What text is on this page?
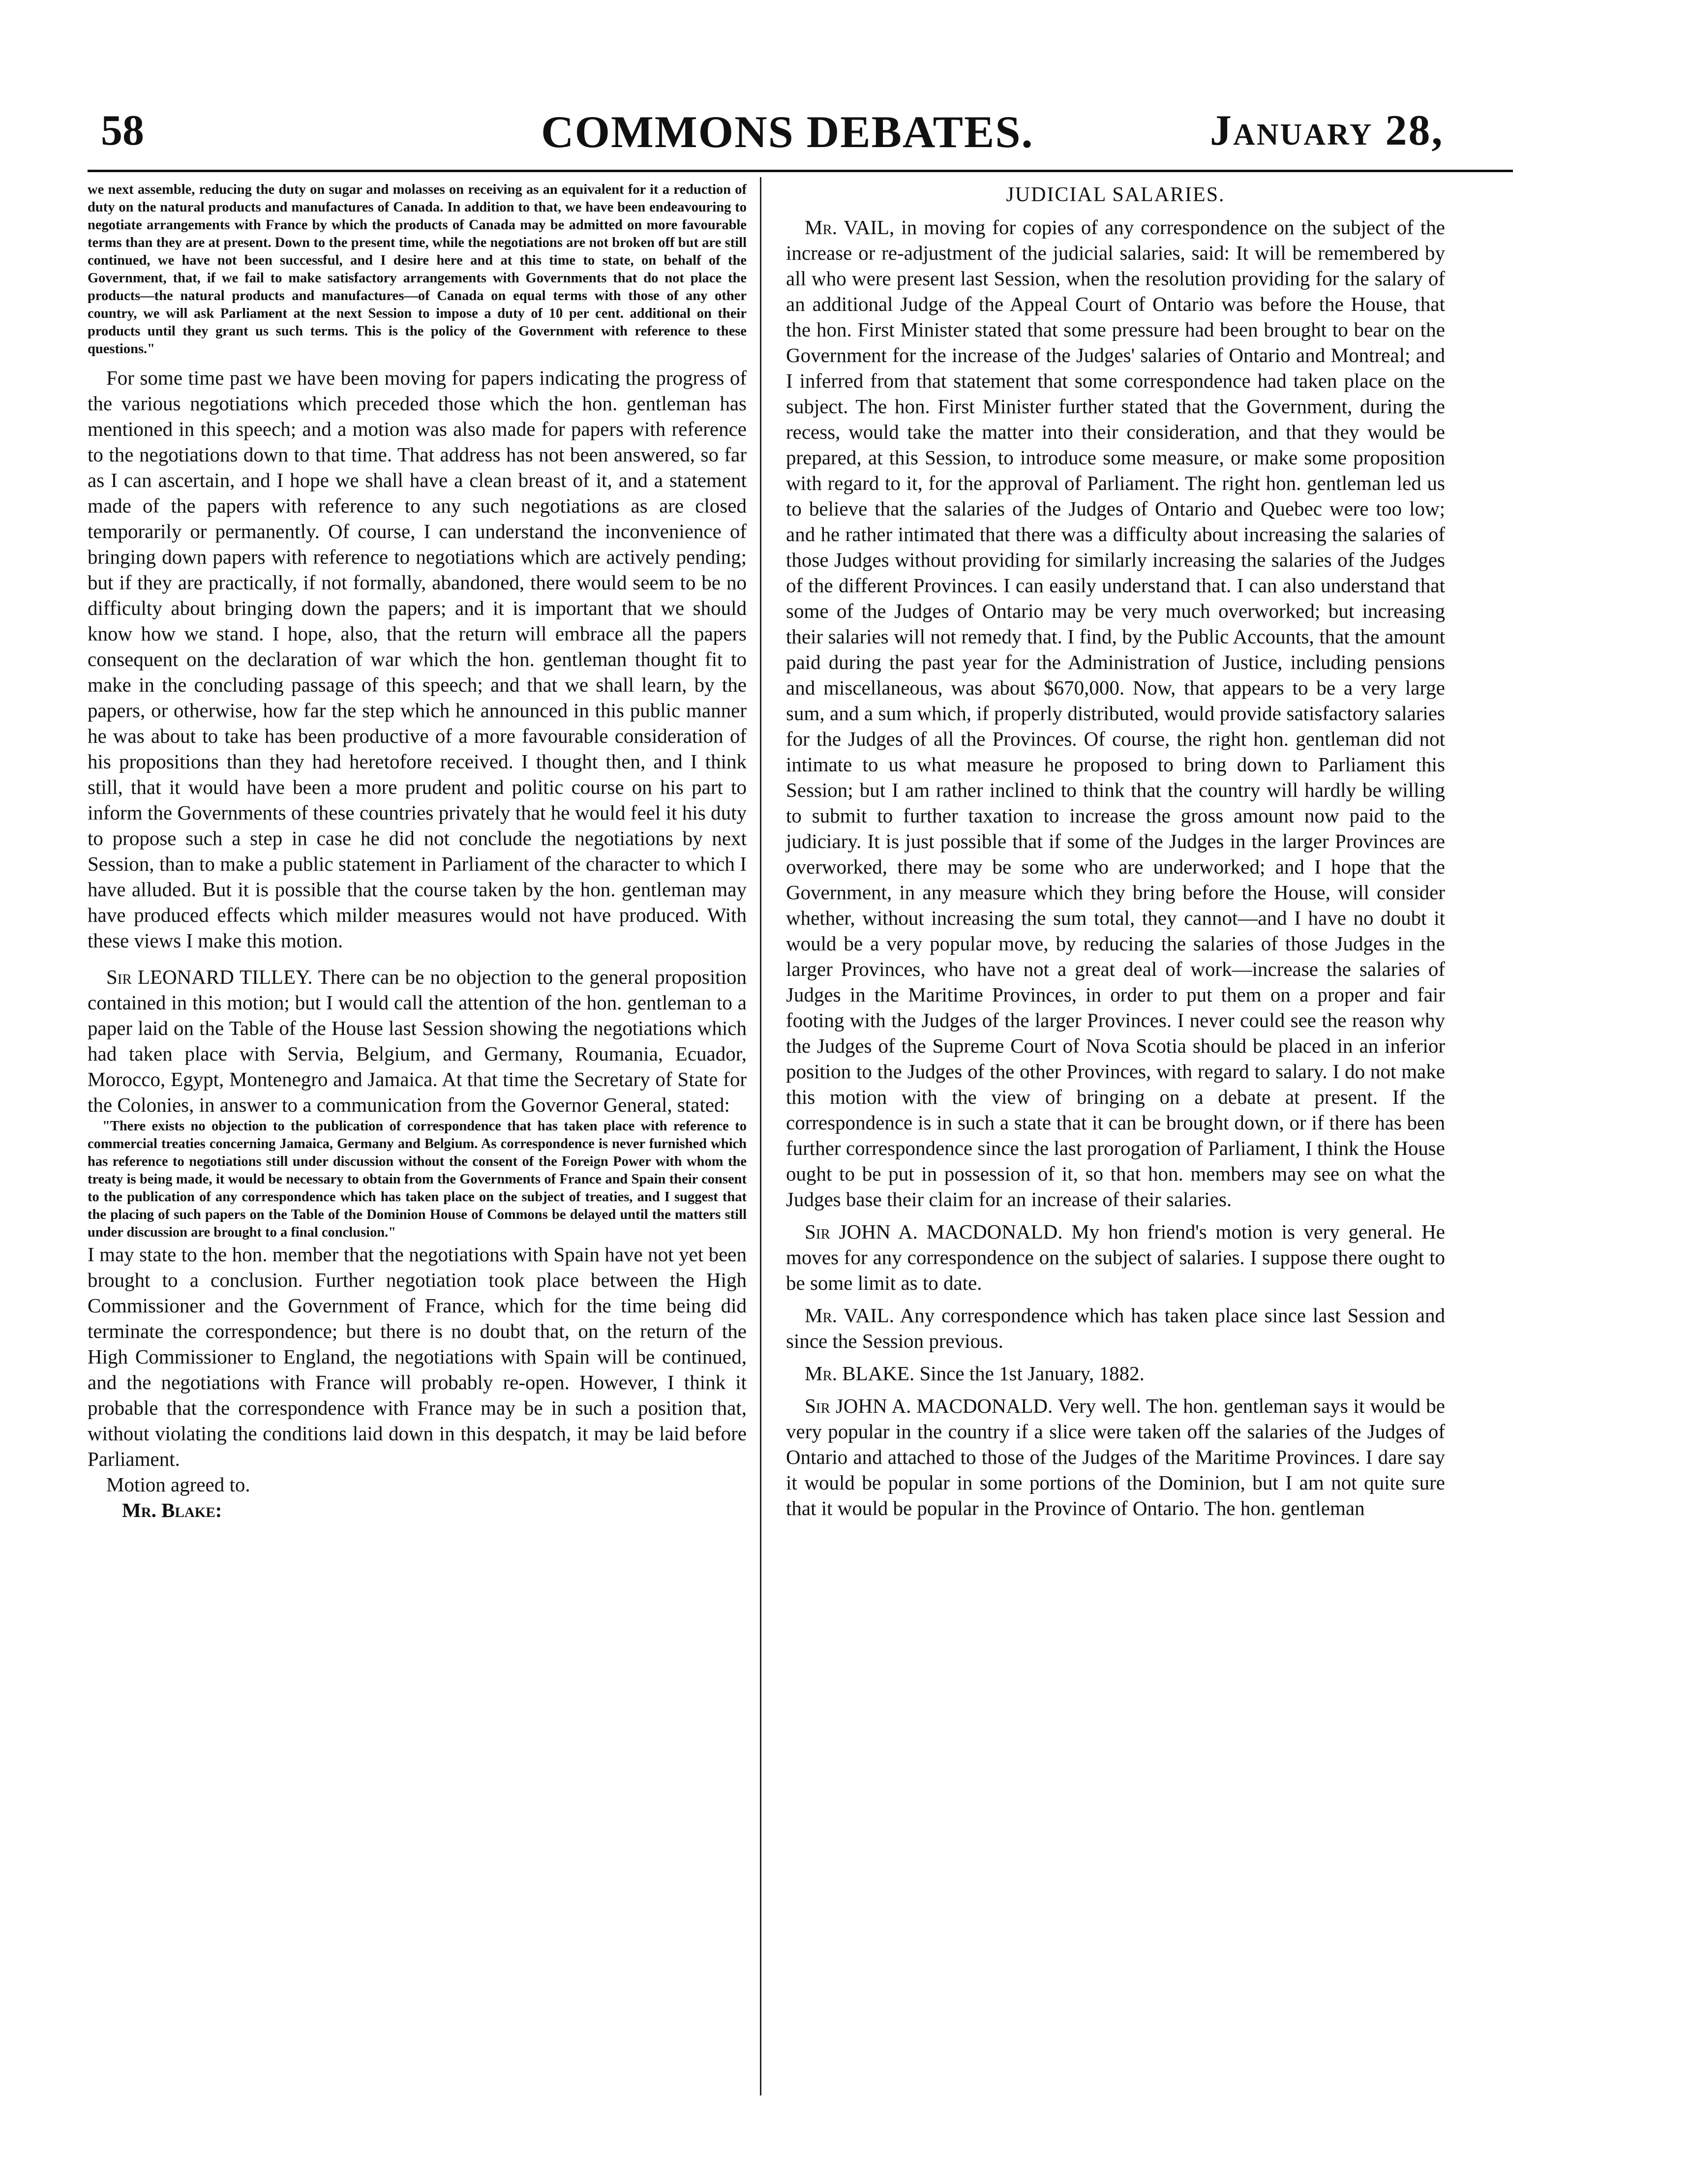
58	COMMONS DEBATES.	January 28,

we next assemble, reducing the duty on sugar and molasses on receiving as an equivalent for it a reduction of duty on the natural products and manufactures of Canada. In addition to that, we have been endeavouring to negotiate arrangements with France by which the products of Canada may be admitted on more favourable terms than they are at present. Down to the present time, while the negotiations are not broken off but are still continued, we have not been successful, and I desire here and at this time to state, on behalf of the Government, that, if we fail to make satisfactory arrangements with Governments that do not place the products—the natural products and manufactures—of Canada on equal terms with those of any other country, we will ask Parliament at the next Session to impose a duty of 10 per cent. additional on their products until they grant us such terms. This is the policy of the Government with reference to these questions."

For some time past we have been moving for papers indicating the progress of the various negotiations which preceded those which the hon. gentleman has mentioned in this speech; and a motion was also made for papers with reference to the negotiations down to that time. That address has not been answered, so far as I can ascertain, and I hope we shall have a clean breast of it, and a statement made of the papers with reference to any such negotiations as are closed temporarily or permanently. Of course, I can understand the inconvenience of bringing down papers with reference to negotiations which are actively pending; but if they are practically, if not formally, abandoned, there would seem to be no difficulty about bringing down the papers; and it is important that we should know how we stand. I hope, also, that the return will embrace all the papers consequent on the declaration of war which the hon. gentleman thought fit to make in the concluding passage of this speech; and that we shall learn, by the papers, or otherwise, how far the step which he announced in this public manner he was about to take has been productive of a more favourable consideration of his propositions than they had heretofore received. I thought then, and I think still, that it would have been a more prudent and politic course on his part to inform the Governments of these countries privately that he would feel it his duty to propose such a step in case he did not conclude the negotiations by next Session, than to make a public statement in Parliament of the character to which I have alluded. But it is possible that the course taken by the hon. gentleman may have produced effects which milder measures would not have produced. With these views I make this motion.

Sir LEONARD TILLEY. There can be no objection to the general proposition contained in this motion; but I would call the attention of the hon. gentleman to a paper laid on the Table of the House last Session showing the negotiations which had taken place with Servia, Belgium, and Germany, Roumania, Ecuador, Morocco, Egypt, Montenegro and Jamaica. At that time the Secretary of State for the Colonies, in answer to a communication from the Governor General, stated:

"There exists no objection to the publication of correspondence that has taken place with reference to commercial treaties concerning Jamaica, Germany and Belgium. As correspondence is never furnished which has reference to negotiations still under discussion without the consent of the Foreign Power with whom the treaty is being made, it would be necessary to obtain from the Governments of France and Spain their consent to the publication of any correspondence which has taken place on the subject of treaties, and I suggest that the placing of such papers on the Table of the Dominion House of Commons be delayed until the matters still under discussion are brought to a final conclusion."

I may state to the hon. member that the negotiations with Spain have not yet been brought to a conclusion. Further negotiation took place between the High Commissioner and the Government of France, which for the time being did terminate the correspondence; but there is no doubt that, on the return of the High Commissioner to England, the negotiations with Spain will be continued, and the negotiations with France will probably re-open. However, I think it probable that the correspondence with France may be in such a position that, without violating the conditions laid down in this despatch, it may be laid before Parliament.

Motion agreed to.

Mr. Blake:

JUDICIAL SALARIES.

Mr. VAIL, in moving for copies of any correspondence on the subject of the increase or re-adjustment of the judicial salaries, said: It will be remembered by all who were present last Session, when the resolution providing for the salary of an additional Judge of the Appeal Court of Ontario was before the House, that the hon. First Minister stated that some pressure had been brought to bear on the Government for the increase of the Judges' salaries of Ontario and Montreal; and I inferred from that statement that some correspondence had taken place on the subject. The hon. First Minister further stated that the Government, during the recess, would take the matter into their consideration, and that they would be prepared, at this Session, to introduce some measure, or make some proposition with regard to it, for the approval of Parliament. The right hon. gentleman led us to believe that the salaries of the Judges of Ontario and Quebec were too low; and he rather intimated that there was a difficulty about increasing the salaries of those Judges without providing for similarly increasing the salaries of the Judges of the different Provinces. I can easily understand that. I can also understand that some of the Judges of Ontario may be very much overworked; but increasing their salaries will not remedy that. I find, by the Public Accounts, that the amount paid during the past year for the Administration of Justice, including pensions and miscellaneous, was about $670,000. Now, that appears to be a very large sum, and a sum which, if properly distributed, would provide satisfactory salaries for the Judges of all the Provinces. Of course, the right hon. gentleman did not intimate to us what measure he proposed to bring down to Parliament this Session; but I am rather inclined to think that the country will hardly be willing to submit to further taxation to increase the gross amount now paid to the judiciary. It is just possible that if some of the Judges in the larger Provinces are overworked, there may be some who are underworked; and I hope that the Government, in any measure which they bring before the House, will consider whether, without increasing the sum total, they cannot—and I have no doubt it would be a very popular move, by reducing the salaries of those Judges in the larger Provinces, who have not a great deal of work—increase the salaries of Judges in the Maritime Provinces, in order to put them on a proper and fair footing with the Judges of the larger Provinces. I never could see the reason why the Judges of the Supreme Court of Nova Scotia should be placed in an inferior position to the Judges of the other Provinces, with regard to salary. I do not make this motion with the view of bringing on a debate at present. If the correspondence is in such a state that it can be brought down, or if there has been further correspondence since the last prorogation of Parliament, I think the House ought to be put in possession of it, so that hon. members may see on what the Judges base their claim for an increase of their salaries.

Sir JOHN A. MACDONALD. My hon friend's motion is very general. He moves for any correspondence on the subject of salaries. I suppose there ought to be some limit as to date.

Mr. VAIL. Any correspondence which has taken place since last Session and since the Session previous.

Mr. BLAKE. Since the 1st January, 1882.

Sir JOHN A. MACDONALD. Very well. The hon. gentleman says it would be very popular in the country if a slice were taken off the salaries of the Judges of Ontario and attached to those of the Judges of the Maritime Provinces. I dare say it would be popular in some portions of the Dominion, but I am not quite sure that it would be popular in the Province of Ontario. The hon. gentleman
